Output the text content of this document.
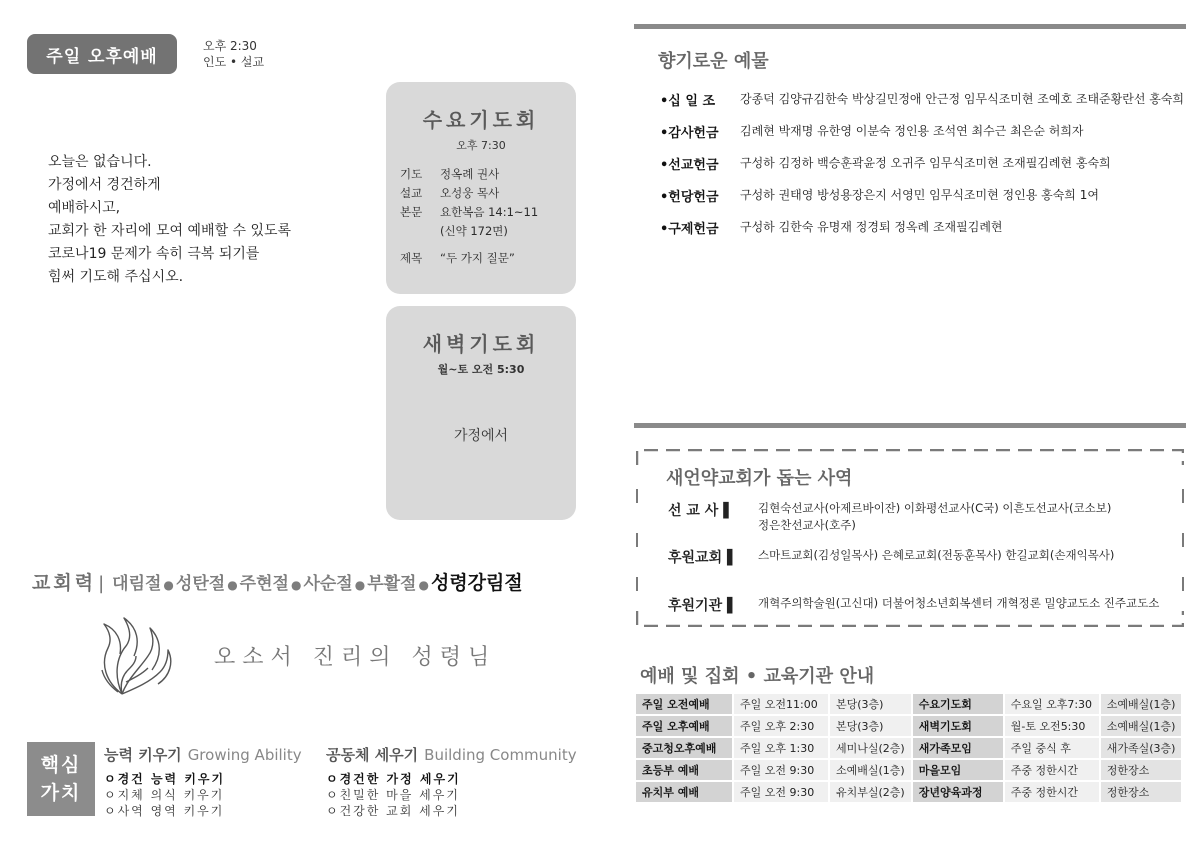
주일 오후예배
오후 2:30
인도 • 설교
오늘은 없습니다.
가정에서 경건하게
예배하시고,
교회가 한 자리에 모여 예배할 수 있도록
코로나19 문제가 속히 극복 되기를
힘써 기도해 주십시오.
수요기도회
오후 7:30
기도	정옥례 권사
설교	오성웅 목사
본문	요한복음 14:1~11
(신약 172면)
제목	“두 가지 질문”
새벽기도회
월~토 오전 5:30
가정에서
교회력 | 대림절 ● 성탄절 ● 주현절 ● 사순절 ● 부활절 ● 성령강림절
오소서 진리의 성령님
핵심
가치
능력 키우기 Growing Ability
ㅇ경건 능력 키우기
ㅇ지체 의식 키우기
ㅇ사역 영역 키우기
공동체 세우기 Building Community
ㅇ경건한 가정 세우기
ㅇ친밀한 마을 세우기
ㅇ건강한 교회 세우기
향기로운 예물
•십 일 조	강종덕 김양규김한숙 박상길민정애 안근정 임무식조미현 조예호 조태준황란선 홍숙희
•감사헌금	김례현 박재명 유한영 이분숙 정인용 조석연 최수근 최은순 허희자
•선교헌금	구성하 김정하 백승훈곽윤정 오귀주 임무식조미현 조재필김례현 홍숙희
•헌당헌금	구성하 권태영 방성용장은지 서영민 임무식조미현 정인용 홍숙희 1여
•구제헌금	구성하 김한숙 유명재 정경퇴 정옥례 조재필김례현
새언약교회가 돕는 사역
선 교 사 ▌	김현숙선교사(아제르바이잔) 이화평선교사(C국) 이흔도선교사(코소보)
정은찬선교사(호주)
후원교회 ▌	스마트교회(김성일목사) 은혜로교회(전동훈목사) 한길교회(손재익목사)
후원기관 ▌	개혁주의학술원(고신대) 더불어청소년회복센터 개혁정론 밀양교도소 진주교도소
예배 및 집회 • 교육기관 안내
주일 오전예배	주일 오전11:00	본당(3층)	수요기도회	수요일 오후7:30	소예배실(1층)
주일 오후예배	주일 오후 2:30	본당(3층)	새벽기도회	월-토 오전5:30	소예배실(1층)
중고청오후예배	주일 오후 1:30	세미나실(2층)	새가족모임	주일 중식 후	새가족실(3층)
초등부 예배	주일 오전 9:30	소예배실(1층)	마을모임	주중 정한시간	정한장소
유치부 예배	주일 오전 9:30	유치부실(2층)	장년양육과정	주중 정한시간	정한장소
